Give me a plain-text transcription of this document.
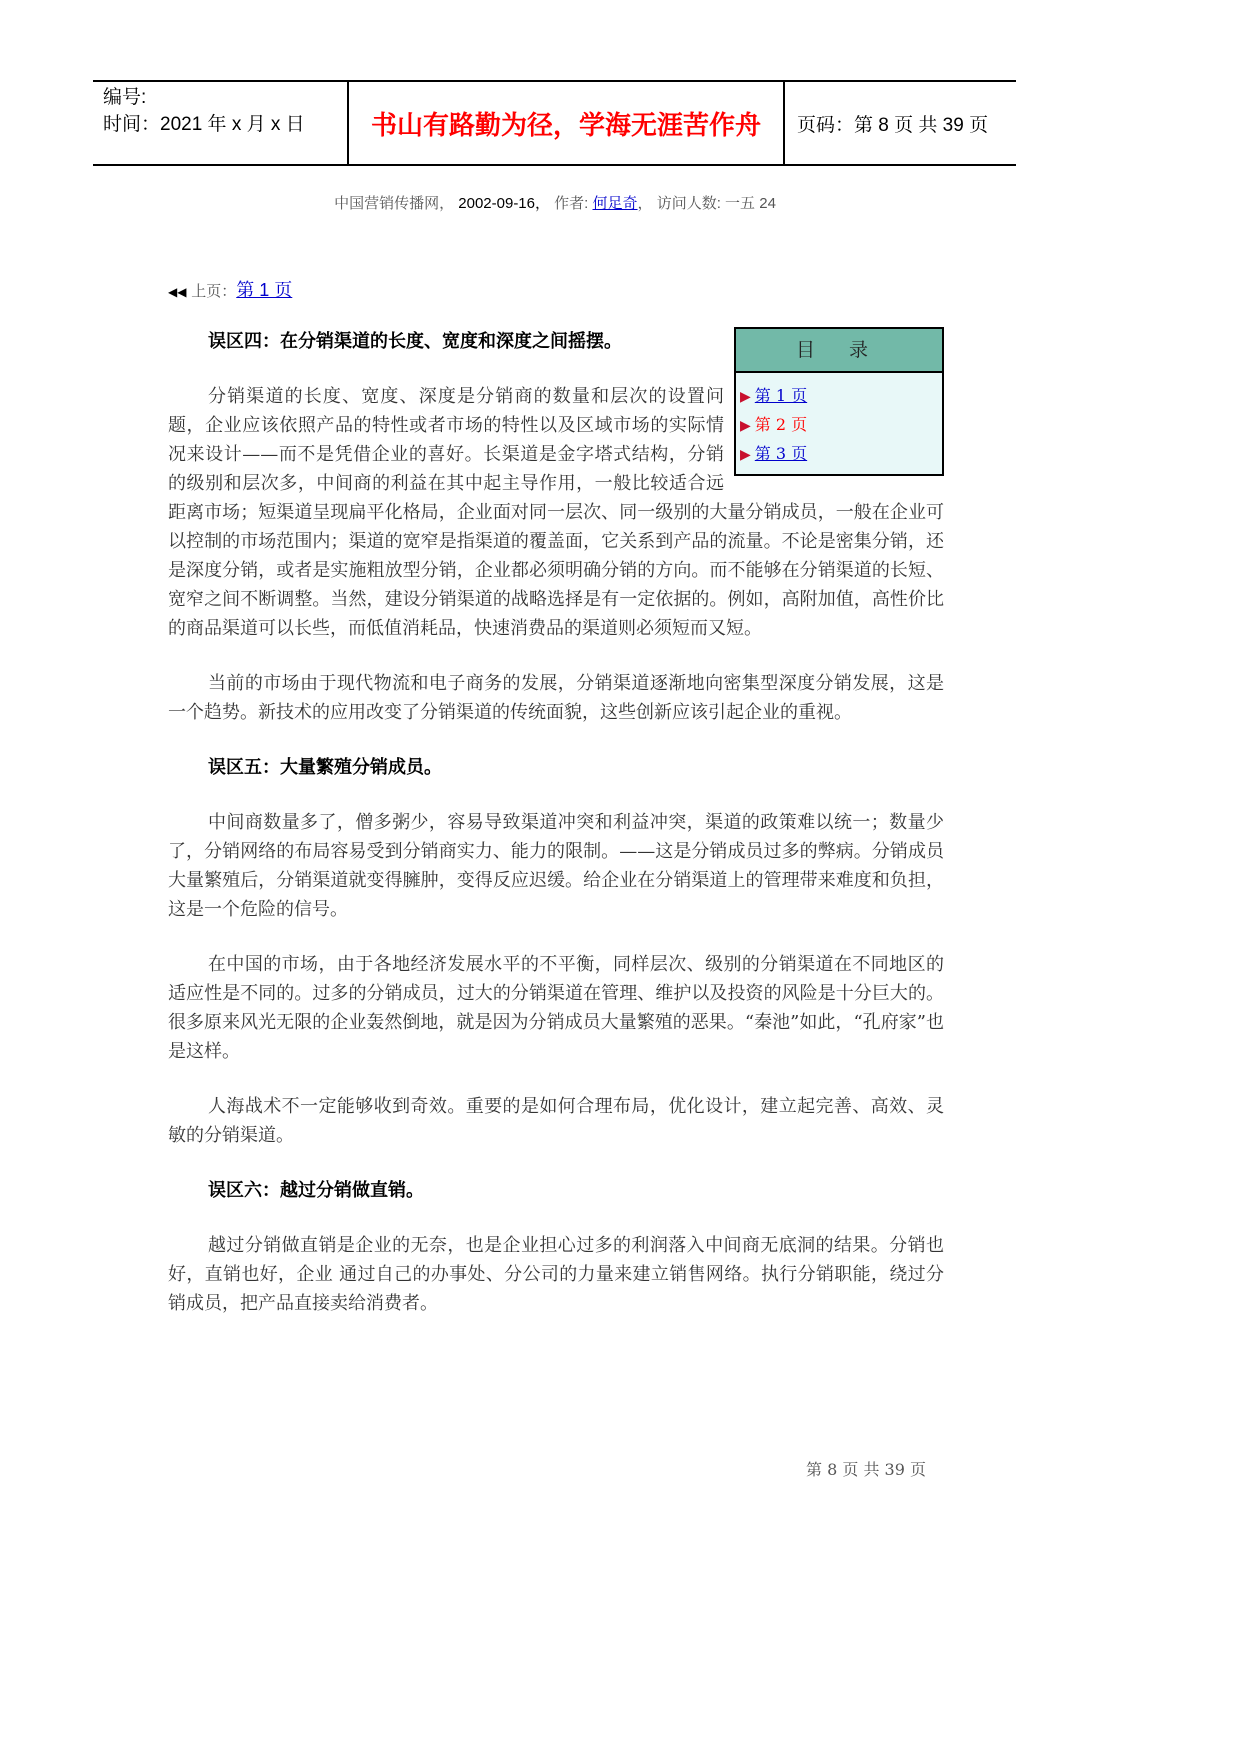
编号:
时间：2021 年 x 月 x 日	书山有路勤为径，学海无涯苦作舟	页码：第 8 页 共 39 页
中国营销传播网， 2002-09-16， 作者: 何足奇， 访问人数: 一五 24
◀◀ 上页：第 1 页
目 录
▶ 第 1 页
▶ 第 2 页
▶ 第 3 页
误区四：在分销渠道的长度、宽度和深度之间摇摆。

分销渠道的长度、宽度、深度是分销商的数量和层次的设置问题，企业应该依照产品的特性或者市场的特性以及区域市场的实际情况来设计——而不是凭借企业的喜好。长渠道是金字塔式结构，分销的级别和层次多，中间商的利益在其中起主导作用，一般比较适合远距离市场；短渠道呈现扁平化格局，企业面对同一层次、同一级别的大量分销成员，一般在企业可以控制的市场范围内；渠道的宽窄是指渠道的覆盖面，它关系到产品的流量。不论是密集分销，还是深度分销，或者是实施粗放型分销，企业都必须明确分销的方向。而不能够在分销渠道的长短、宽窄之间不断调整。当然，建设分销渠道的战略选择是有一定依据的。例如，高附加值，高性价比的商品渠道可以长些，而低值消耗品，快速消费品的渠道则必须短而又短。

当前的市场由于现代物流和电子商务的发展，分销渠道逐渐地向密集型深度分销发展，这是一个趋势。新技术的应用改变了分销渠道的传统面貌，这些创新应该引起企业的重视。

误区五：大量繁殖分销成员。

中间商数量多了，僧多粥少，容易导致渠道冲突和利益冲突，渠道的政策难以统一；数量少了，分销网络的布局容易受到分销商实力、能力的限制。——这是分销成员过多的弊病。分销成员大量繁殖后，分销渠道就变得臃肿，变得反应迟缓。给企业在分销渠道上的管理带来难度和负担，这是一个危险的信号。

在中国的市场，由于各地经济发展水平的不平衡，同样层次、级别的分销渠道在不同地区的适应性是不同的。过多的分销成员，过大的分销渠道在管理、维护以及投资的风险是十分巨大的。很多原来风光无限的企业轰然倒地，就是因为分销成员大量繁殖的恶果。“秦池”如此，“孔府家”也是这样。

人海战术不一定能够收到奇效。重要的是如何合理布局，优化设计，建立起完善、高效、灵敏的分销渠道。

误区六：越过分销做直销。

越过分销做直销是企业的无奈，也是企业担心过多的利润落入中间商无底洞的结果。分销也好，直销也好，企业 通过自己的办事处、分公司的力量来建立销售网络。执行分销职能，绕过分销成员，把产品直接卖给消费者。

第 8 页 共 39 页
